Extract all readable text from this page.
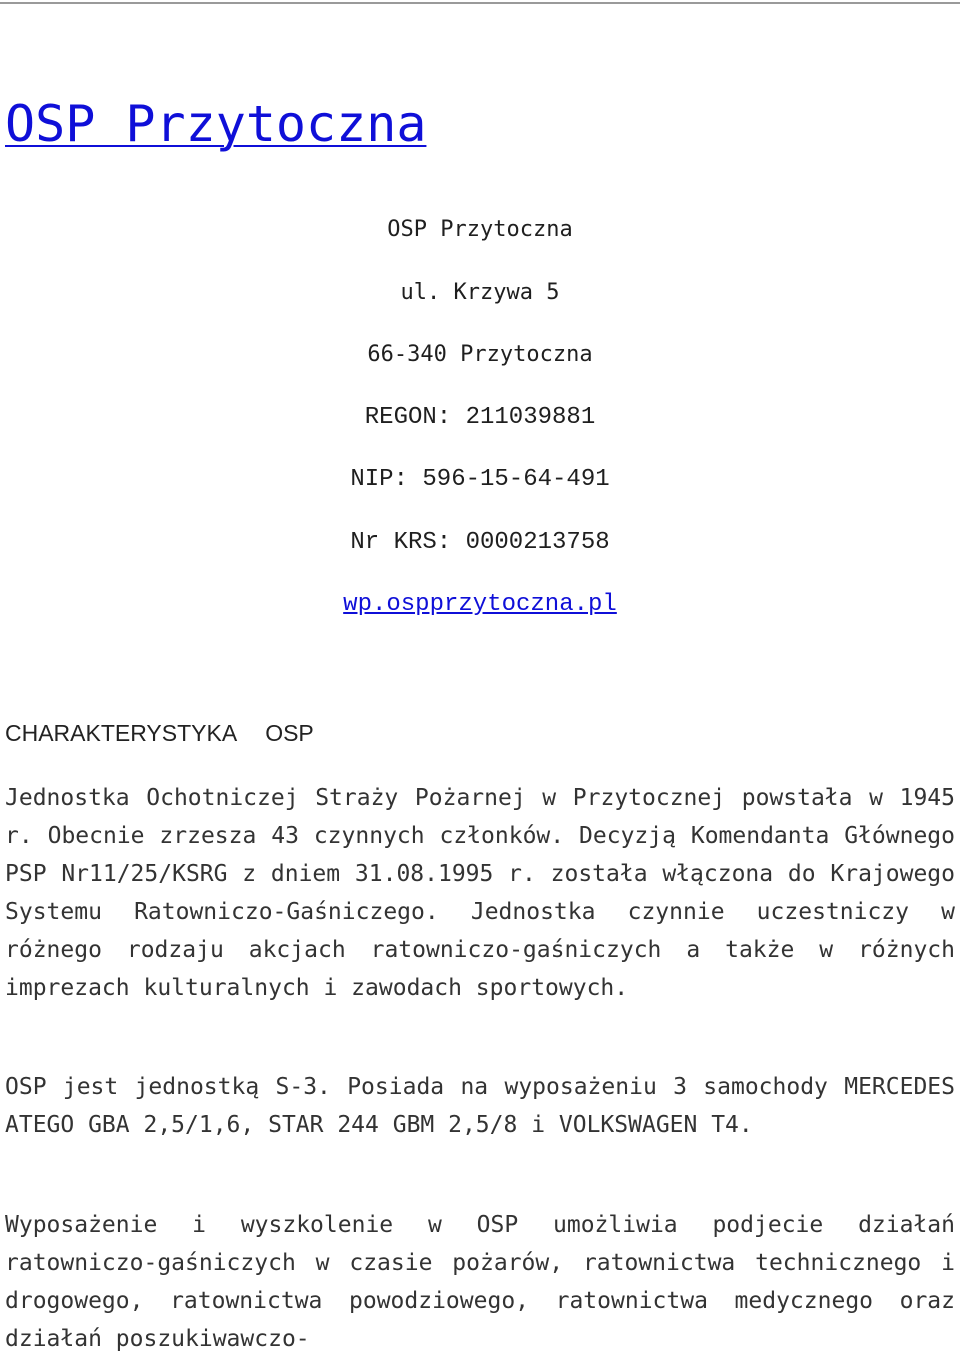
OSP Przytoczna

OSP Przytoczna

ul. Krzywa 5

66-340 Przytoczna

REGON: 211039881

NIP: 596-15-64-491

Nr KRS: 0000213758

wp.ospprzytoczna.pl

CHARAKTERYSTYKA OSP

Jednostka Ochotniczej Straży Pożarnej w Przytocznej powstała w 1945 r. Obecnie zrzesza 43 czynnych członków. Decyzją Komendanta Głównego PSP Nr11/25/KSRG z dniem 31.08.1995 r. została włączona do Krajowego Systemu Ratowniczo-Gaśniczego. Jednostka czynnie uczestniczy w różnego rodzaju akcjach ratowniczo-gaśniczych a także w różnych imprezach kulturalnych i zawodach sportowych.

OSP jest jednostką S-3. Posiada na wyposażeniu 3 samochody MERCEDES ATEGO GBA 2,5/1,6, STAR 244 GBM 2,5/8 i VOLKSWAGEN T4.

Wyposażenie i wyszkolenie w OSP umożliwia podjecie działań ratowniczo-gaśniczych w czasie pożarów, ratownictwa technicznego i drogowego, ratownictwa powodziowego, ratownictwa medycznego oraz działań poszukiwawczo-
